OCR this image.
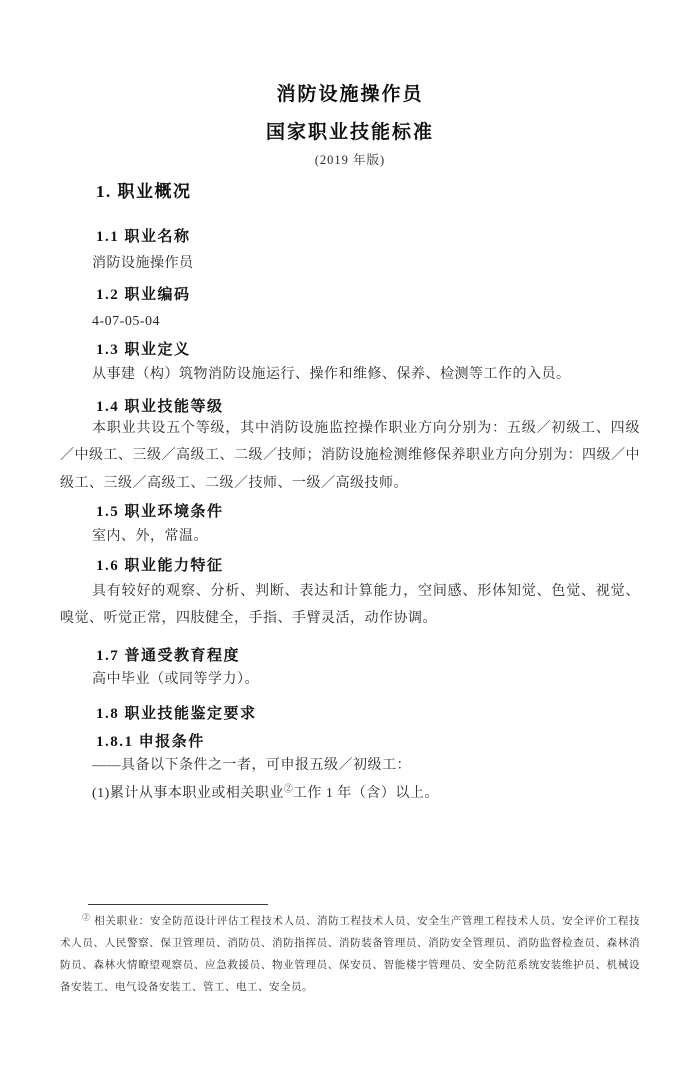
消防设施操作员
国家职业技能标准
(2019 年版)
1. 职业概况
1.1 职业名称

消防设施操作员

1.2 职业编码

4-07-05-04

1.3 职业定义

从事建（构）筑物消防设施运行、操作和维修、保养、检测等工作的入员。

1.4 职业技能等级

本职业共设五个等级，其中消防设施监控操作职业方向分别为：五级／初级工、四级／中级工、三级／高级工、二级／技师；消防设施检测维修保养职业方向分别为：四级／中级工、三级／高级工、二级／技师、一级／高级技师。

1.5 职业环境条件

室内、外，常温。

1.6 职业能力特征

具有较好的观察、分析、判断、表达和计算能力，空间感、形体知觉、色觉、视觉、嗅觉、听觉正常，四肢健全，手指、手臂灵活，动作协调。

1.7 普通受教育程度

高中毕业（或同等学力）。

1.8 职业技能鉴定要求
1.8.1 申报条件

——具备以下条件之一者，可申报五级／初级工：

(1)累计从事本职业或相关职业②工作 1 年（含）以上。

② 相关职业：安全防范设计评估工程技术人员、消防工程技术人员、安全生产管理工程技术人员、安全评价工程技术人员、人民警察、保卫管理员、消防员、消防指挥员、消防装备管理员、消防安全管理员、消防监督检查员、森林消防员、森林火情瞭望观察员、应急救援员、物业管理员、保安员、智能楼宇管理员、安全防范系统安装维护员、机械设备安装工、电气设备安装工、管工、电工、安全员。
